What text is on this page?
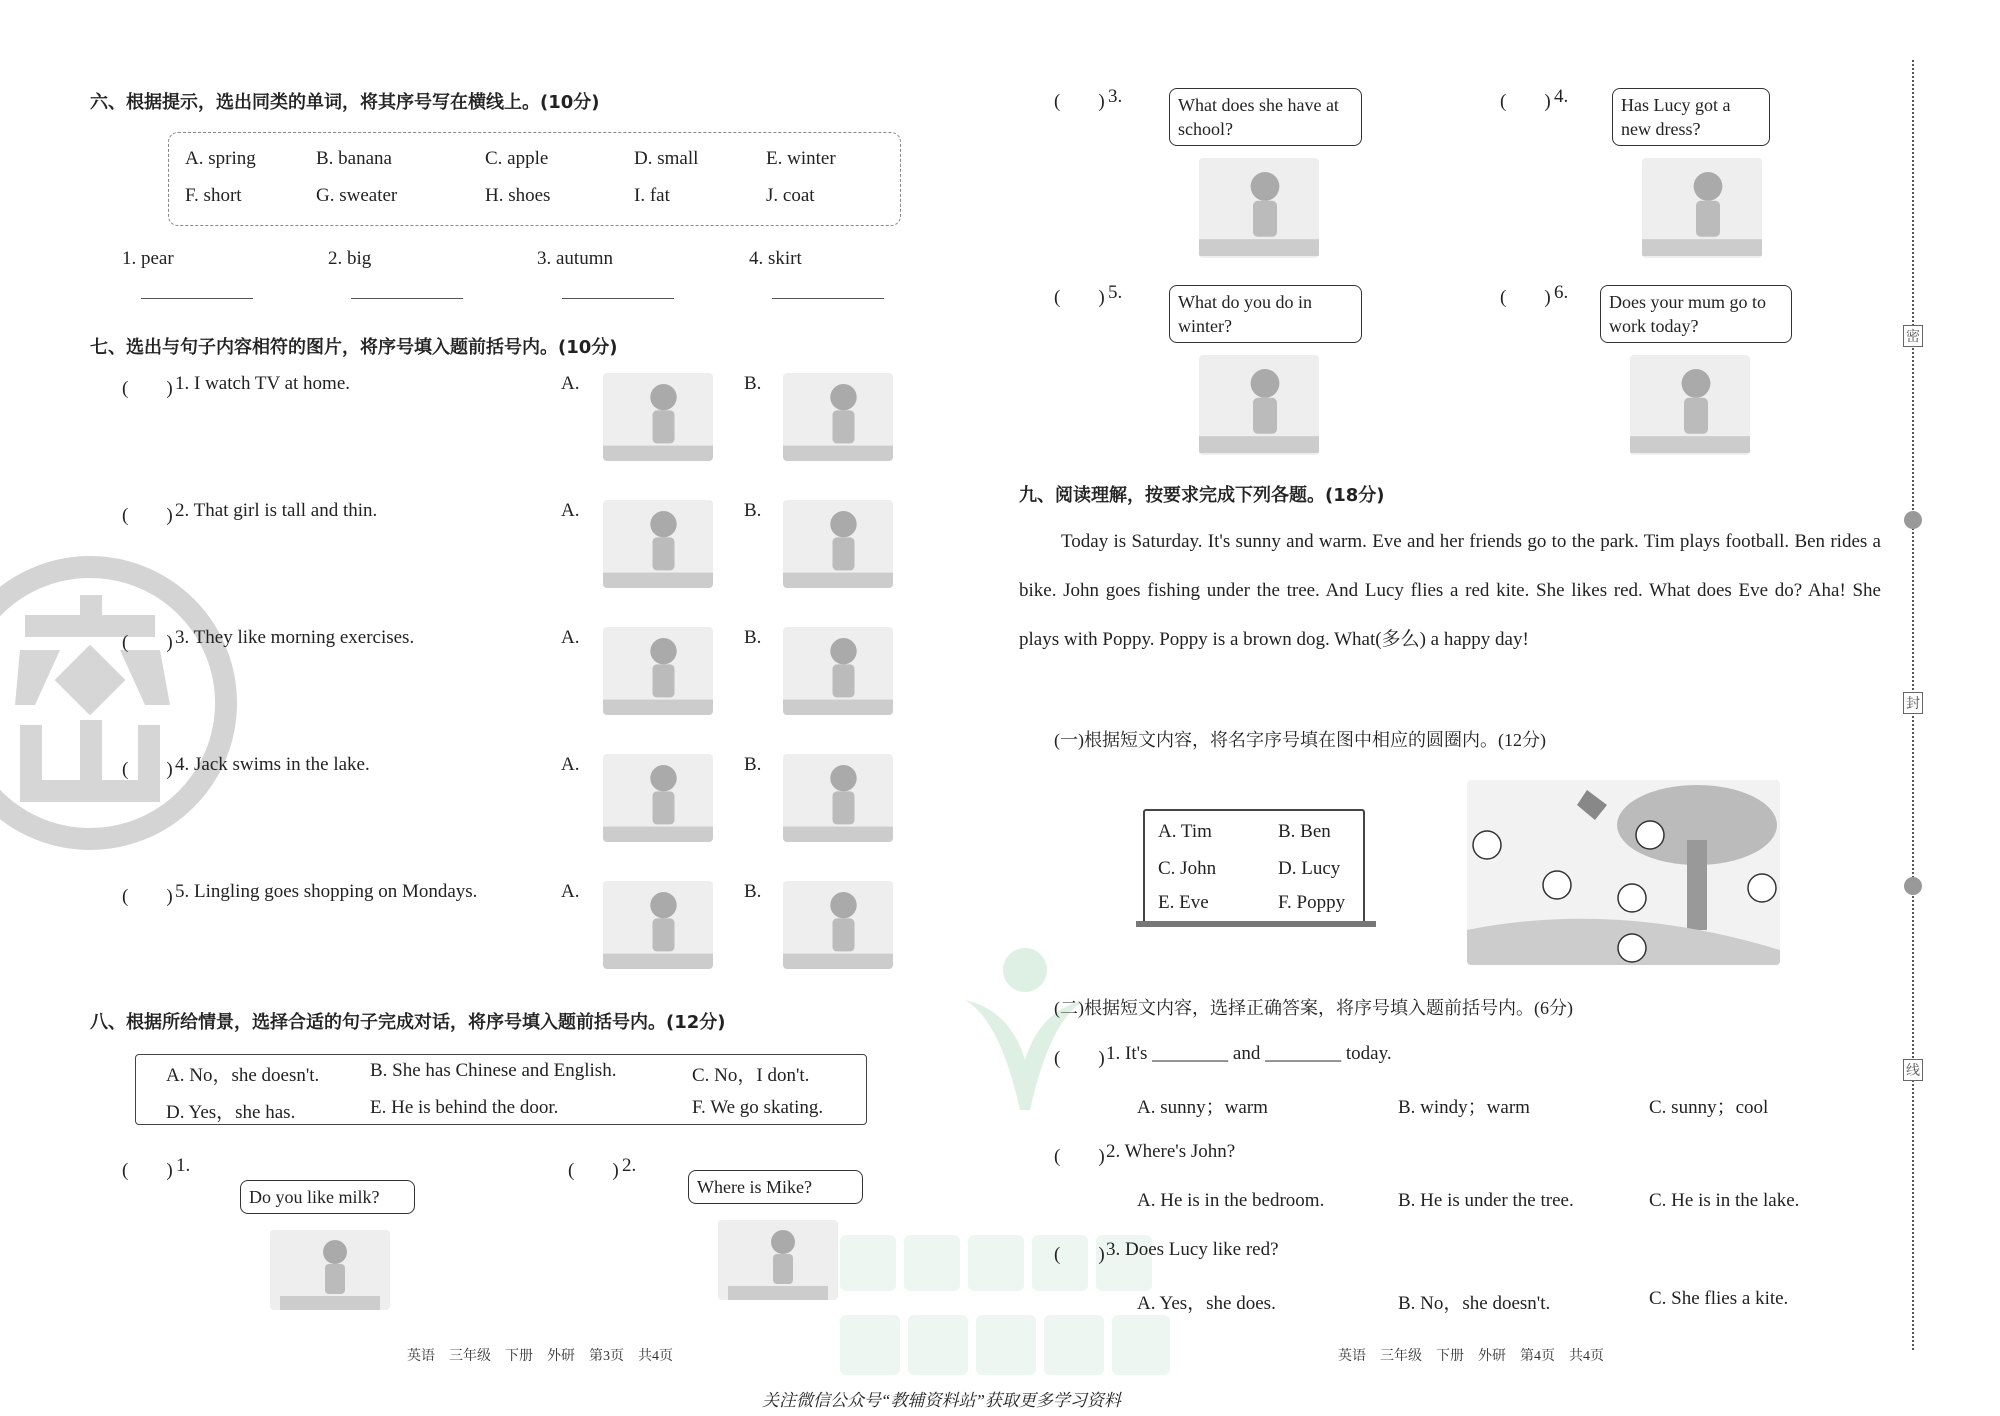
六、根据提示，选出同类的单词，将其序号写在横线上。(10分)
A. spring	B. banana	C. apple	D. small	E. winter
F. short	G. sweater	H. shoes	I. fat	J. coat
1. pear	2. big	3. autumn	4. skirt
七、选出与句子内容相符的图片，将序号填入题前括号内。(10分)
(　　) 1. I watch TV at home.	A.	B.
(　　) 2. That girl is tall and thin.	A.	B.
(　　) 3. They like morning exercises.	A.	B.
(　　) 4. Jack swims in the lake.	A.	B.
(　　) 5. Lingling goes shopping on Mondays.	A.	B.
八、根据所给情景，选择合适的句子完成对话，将序号填入题前括号内。(12分)
A. No，she doesn't.	B. She has Chinese and English.	C. No，I don't.
D. Yes，she has.	E. He is behind the door.	F. We go skating.
(　　) 1.
Do you like milk?
(　　) 2.
Where is Mike?
(　　) 3.	What does she have at school?
(　　) 4.	Has Lucy got a new dress?
(　　) 5.	What do you do in winter?
(　　) 6.	Does your mum go to work today?
九、阅读理解，按要求完成下列各题。(18分)
Today is Saturday. It's sunny and warm. Eve and her friends go to the park. Tim plays football. Ben rides a bike. John goes fishing under the tree. And Lucy flies a red kite. She likes red. What does Eve do? Aha! She plays with Poppy. Poppy is a brown dog. What(多么) a happy day!
(一)根据短文内容，将名字序号填在图中相应的圆圈内。(12分)
A. Tim	B. Ben
C. John	D. Lucy
E. Eve	F. Poppy
(二)根据短文内容，选择正确答案，将序号填入题前括号内。(6分)
(　　) 1. It's ________ and ________ today.
A. sunny；warm	B. windy；warm	C. sunny；cool
(　　) 2. Where's John?
A. He is in the bedroom.	B. He is under the tree.	C. He is in the lake.
(　　) 3. Does Lucy like red?
A. Yes，she does.	B. No，she doesn't.	C. She flies a kite.
英语　三年级　下册　外研　第3页　共4页	英语　三年级　下册　外研　第4页　共4页
关注微信公众号“教辅资料站”获取更多学习资料
密
封
线
